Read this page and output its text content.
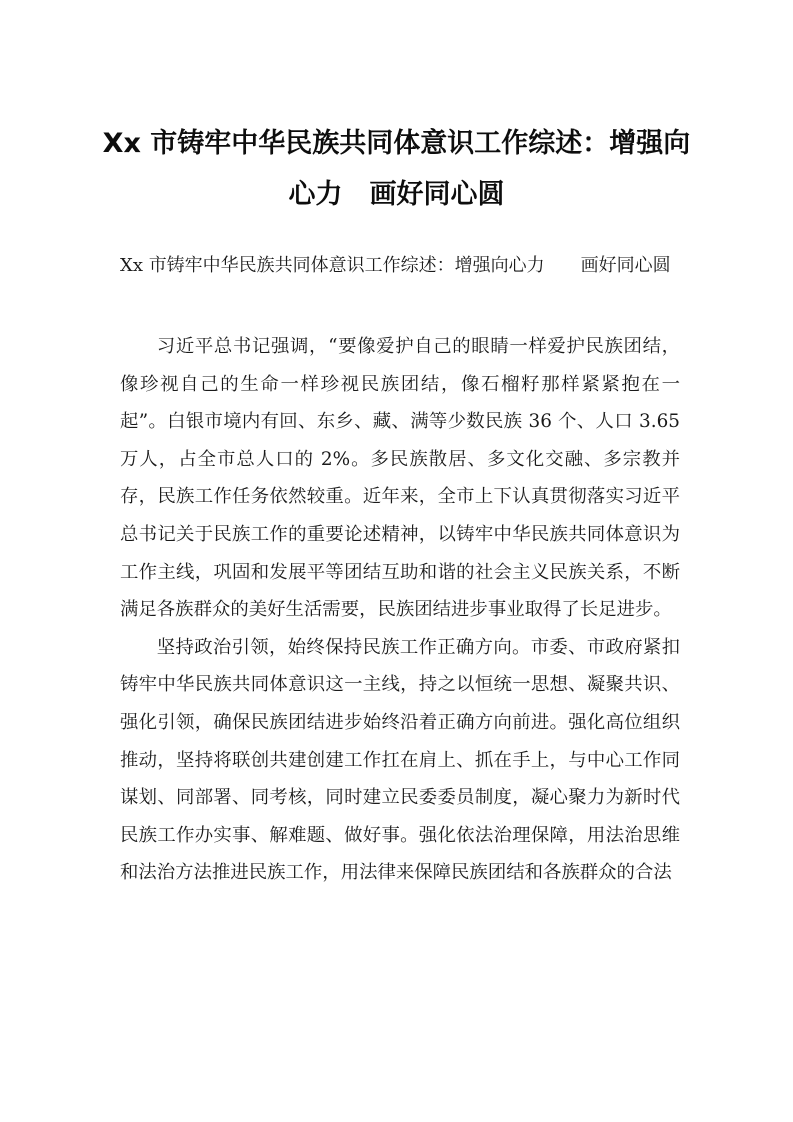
Xx 市铸牢中华民族共同体意识工作综述：增强向心力　画好同心圆

Xx 市铸牢中华民族共同体意识工作综述：增强向心力　　画好同心圆

习近平总书记强调，“要像爱护自己的眼睛一样爱护民族团结，像珍视自己的生命一样珍视民族团结，像石榴籽那样紧紧抱在一起”。白银市境内有回、东乡、藏、满等少数民族 36 个、人口 3.65 万人，占全市总人口的 2%。多民族散居、多文化交融、多宗教并存，民族工作任务依然较重。近年来，全市上下认真贯彻落实习近平总书记关于民族工作的重要论述精神，以铸牢中华民族共同体意识为工作主线，巩固和发展平等团结互助和谐的社会主义民族关系，不断满足各族群众的美好生活需要，民族团结进步事业取得了长足进步。

坚持政治引领，始终保持民族工作正确方向。市委、市政府紧扣铸牢中华民族共同体意识这一主线，持之以恒统一思想、凝聚共识、强化引领，确保民族团结进步始终沿着正确方向前进。强化高位组织推动，坚持将联创共建创建工作扛在肩上、抓在手上，与中心工作同谋划、同部署、同考核，同时建立民委委员制度，凝心聚力为新时代民族工作办实事、解难题、做好事。强化依法治理保障，用法治思维和法治方法推进民族工作，用法律来保障民族团结和各族群众的合法
